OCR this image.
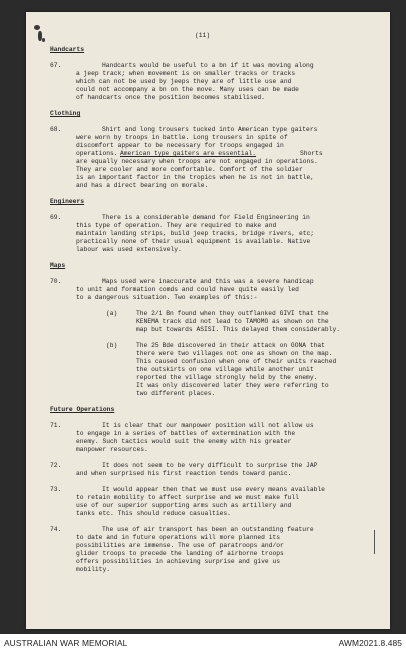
(11)
Handcarts
67.	Handcarts would be useful to a bn if it was moving along
a jeep track; when movement is on smaller tracks or tracks
which can not be used by jeeps they are of little use and
could not accompany a bn on the move. Many uses can be made
of handcarts once the position becomes stabilised.
Clothing
68.	Shirt and long trousers tucked into American type gaiters
were worn by troops in battle. Long trousers in spite of
discomfort appear to be necessary for troops engaged in
operations. American type gaiters are essential.	Shorts
are equally necessary when troops are not engaged in operations.
They are cooler and more comfortable. Comfort of the soldier
is an important factor in the tropics when he is not in battle,
and has a direct bearing on morale.
Engineers
69.	There is a considerable demand for Field Engineering in
this type of operation. They are required to make and
maintain landing strips, build jeep tracks, bridge rivers, etc;
practically none of their usual equipment is available. Native
labour was used extensively.
Maps
70.	Maps used were inaccurate and this was a severe handicap
to unit and formation comds and could have quite easily led
to a dangerous situation. Two examples of this:-
(a)	The 2/1 Bn found when they outflanked GIVI that the
KENEMA track did not lead to TAMOMO as shown on the
map but towards ASISI. This delayed them considerably.
(b)	The 25 Bde discovered in their attack on GONA that
there were two villages not one as shown on the map.
This caused confusion when one of their units reached
the outskirts on one village while another unit
reported the village strongly held by the enemy.
It was only discovered later they were referring to
two different places.
Future Operations
71.	It is clear that our manpower position will not allow us
to engage in a series of battles of extermination with the
enemy. Such tactics would suit the enemy with his greater
manpower resources.
72.	It does not seem to be very difficult to surprise the JAP
and when surprised his first reaction tends toward panic.
73.	It would appear then that we must use every means available
to retain mobility to affect surprise and we must make full
use of our superior supporting arms such as artillery and
tanks etc. This should reduce casualties.
74.	The use of air transport has been an outstanding feature
to date and in future operations will more planned its
possibilities are immense. The use of paratroops and/or
glider troops to precede the landing of airborne troops
offers possibilities in achieving surprise and give us
mobility.
AUSTRALIAN WAR MEMORIAL	AWM2021.8.485
